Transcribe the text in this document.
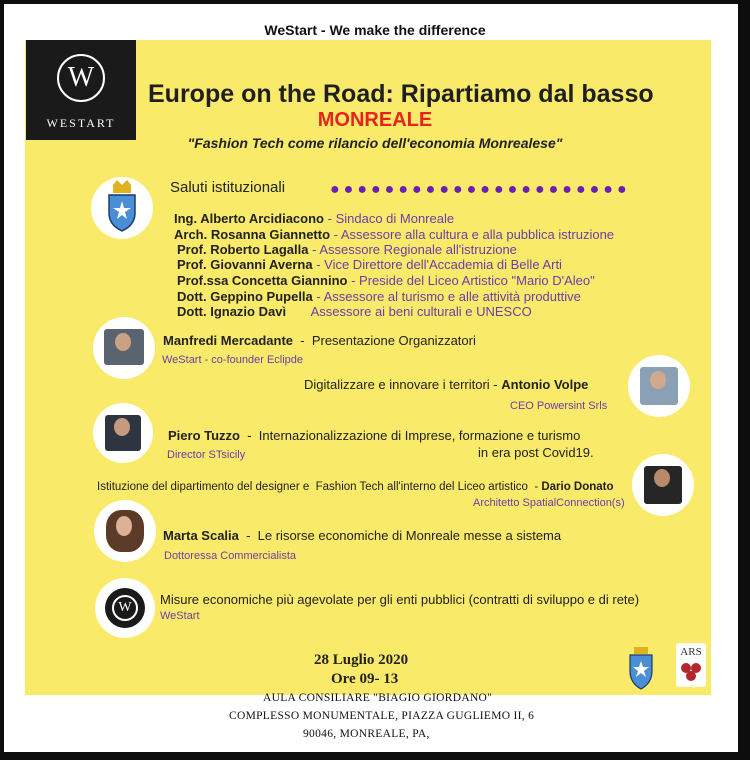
WeStart - We make the difference
W
WESTART
Europe on the Road: Ripartiamo dal basso
MONREALE
"Fashion Tech come rilancio dell'economia Monrealese"
Saluti istituzionali	●●●●●●●●●●●●●●●●●●●●●●
Ing. Alberto Arcidiacono - Sindaco di Monreale
Arch. Rosanna Giannetto - Assessore alla cultura e alla pubblica istruzione
Prof. Roberto Lagalla - Assessore Regionale all'istruzione
Prof. Giovanni Averna - Vice Direttore dell'Accademia di Belle Arti
Prof.ssa Concetta Giannino - Preside del Liceo Artistico "Mario D'Aleo"
Dott. Geppino Pupella - Assessore al turismo e alle attività produttive
Dott. Ignazio Davì       Assessore ai beni culturali e UNESCO
Manfredi Mercadante  -  Presentazione Organizzatori
WeStart - co-founder Eclipde
Digitalizzare e innovare i territori - Antonio Volpe
CEO Powersint Srls
Piero Tuzzo  -  Internazionalizzazione di Imprese, formazione e turismo
in era post Covid19.
Director STsicily
Istituzione del dipartimento del designer e  Fashion Tech all'interno del Liceo artistico  - Dario Donato
Architetto SpatialConnection(s)
Marta Scalia  -  Le risorse economiche di Monreale messe a sistema
Dottoressa Commercialista
W
Misure economiche più agevolate per gli enti pubblici (contratti di sviluppo e di rete)
WeStart
28 Luglio 2020
Ore 09- 13
ARS
AULA CONSILIARE "BIAGIO GIORDANO"
COMPLESSO MONUMENTALE, PIAZZA GUGLIEMO II, 6
90046, MONREALE, PA,
